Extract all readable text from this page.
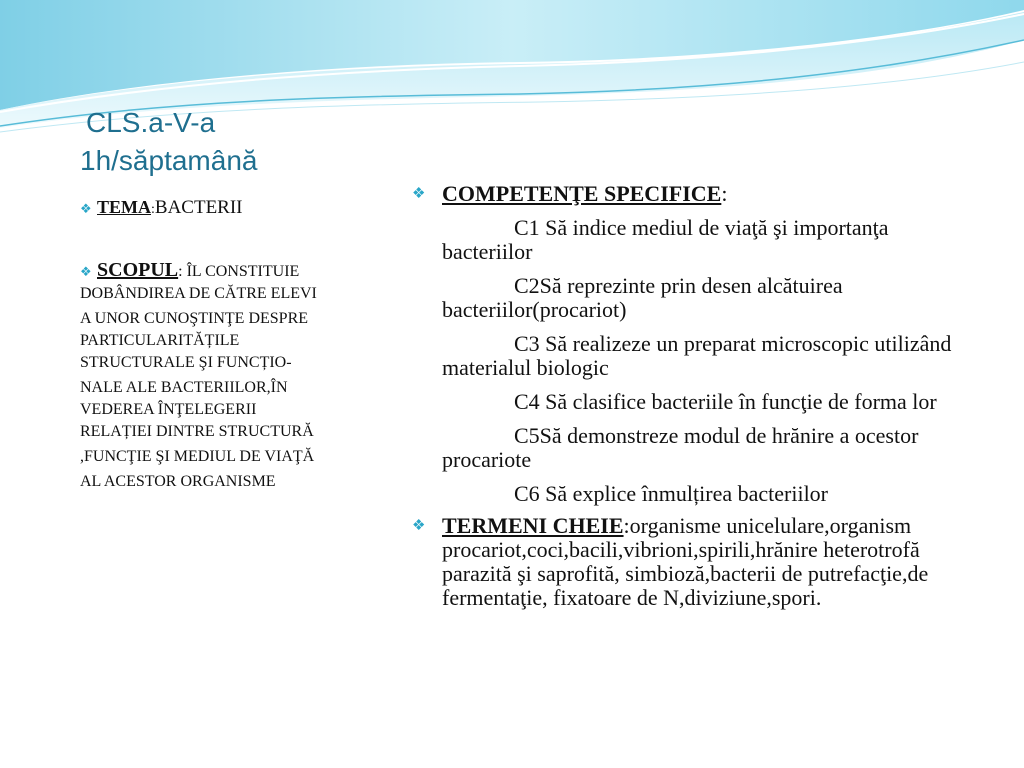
CLS.a-V-a
1h/săptamână
❖ TEMA:BACTERII

❖ SCOPUL: ÎL CONSTITUIE

DOBÂNDIREA DE CĂTRE ELEVI

A UNOR CUNOŞTINŢE DESPRE

PARTICULARITĂȚILE

STRUCTURALE ŞI FUNCȚIO-

NALE ALE BACTERIILOR,ÎN

VEDEREA ÎNŢELEGERII

RELAȚIEI DINTRE STRUCTURĂ

,FUNCŢIE ŞI MEDIUL DE VIAŢĂ

AL ACESTOR ORGANISME

❖ COMPETENŢE SPECIFICE:

C1 Să indice mediul de viaţă şi importanţa bacteriilor

C2Să reprezinte prin desen alcătuirea bacteriilor(procariot)

C3 Să realizeze un preparat microscopic utilizând materialul biologic

C4 Să clasifice bacteriile în funcţie de forma lor

C5Să demonstreze modul de hrănire a ocestor procariote

C6 Să explice înmulțirea bacteriilor

❖ TERMENI CHEIE:organisme unicelulare,organism procariot,coci,bacili,vibrioni,spirili,hrănire heterotrofă parazită şi saprofită, simbioză,bacterii de putrefacţie,de fermentaţie, fixatoare de N,diviziune,spori.
